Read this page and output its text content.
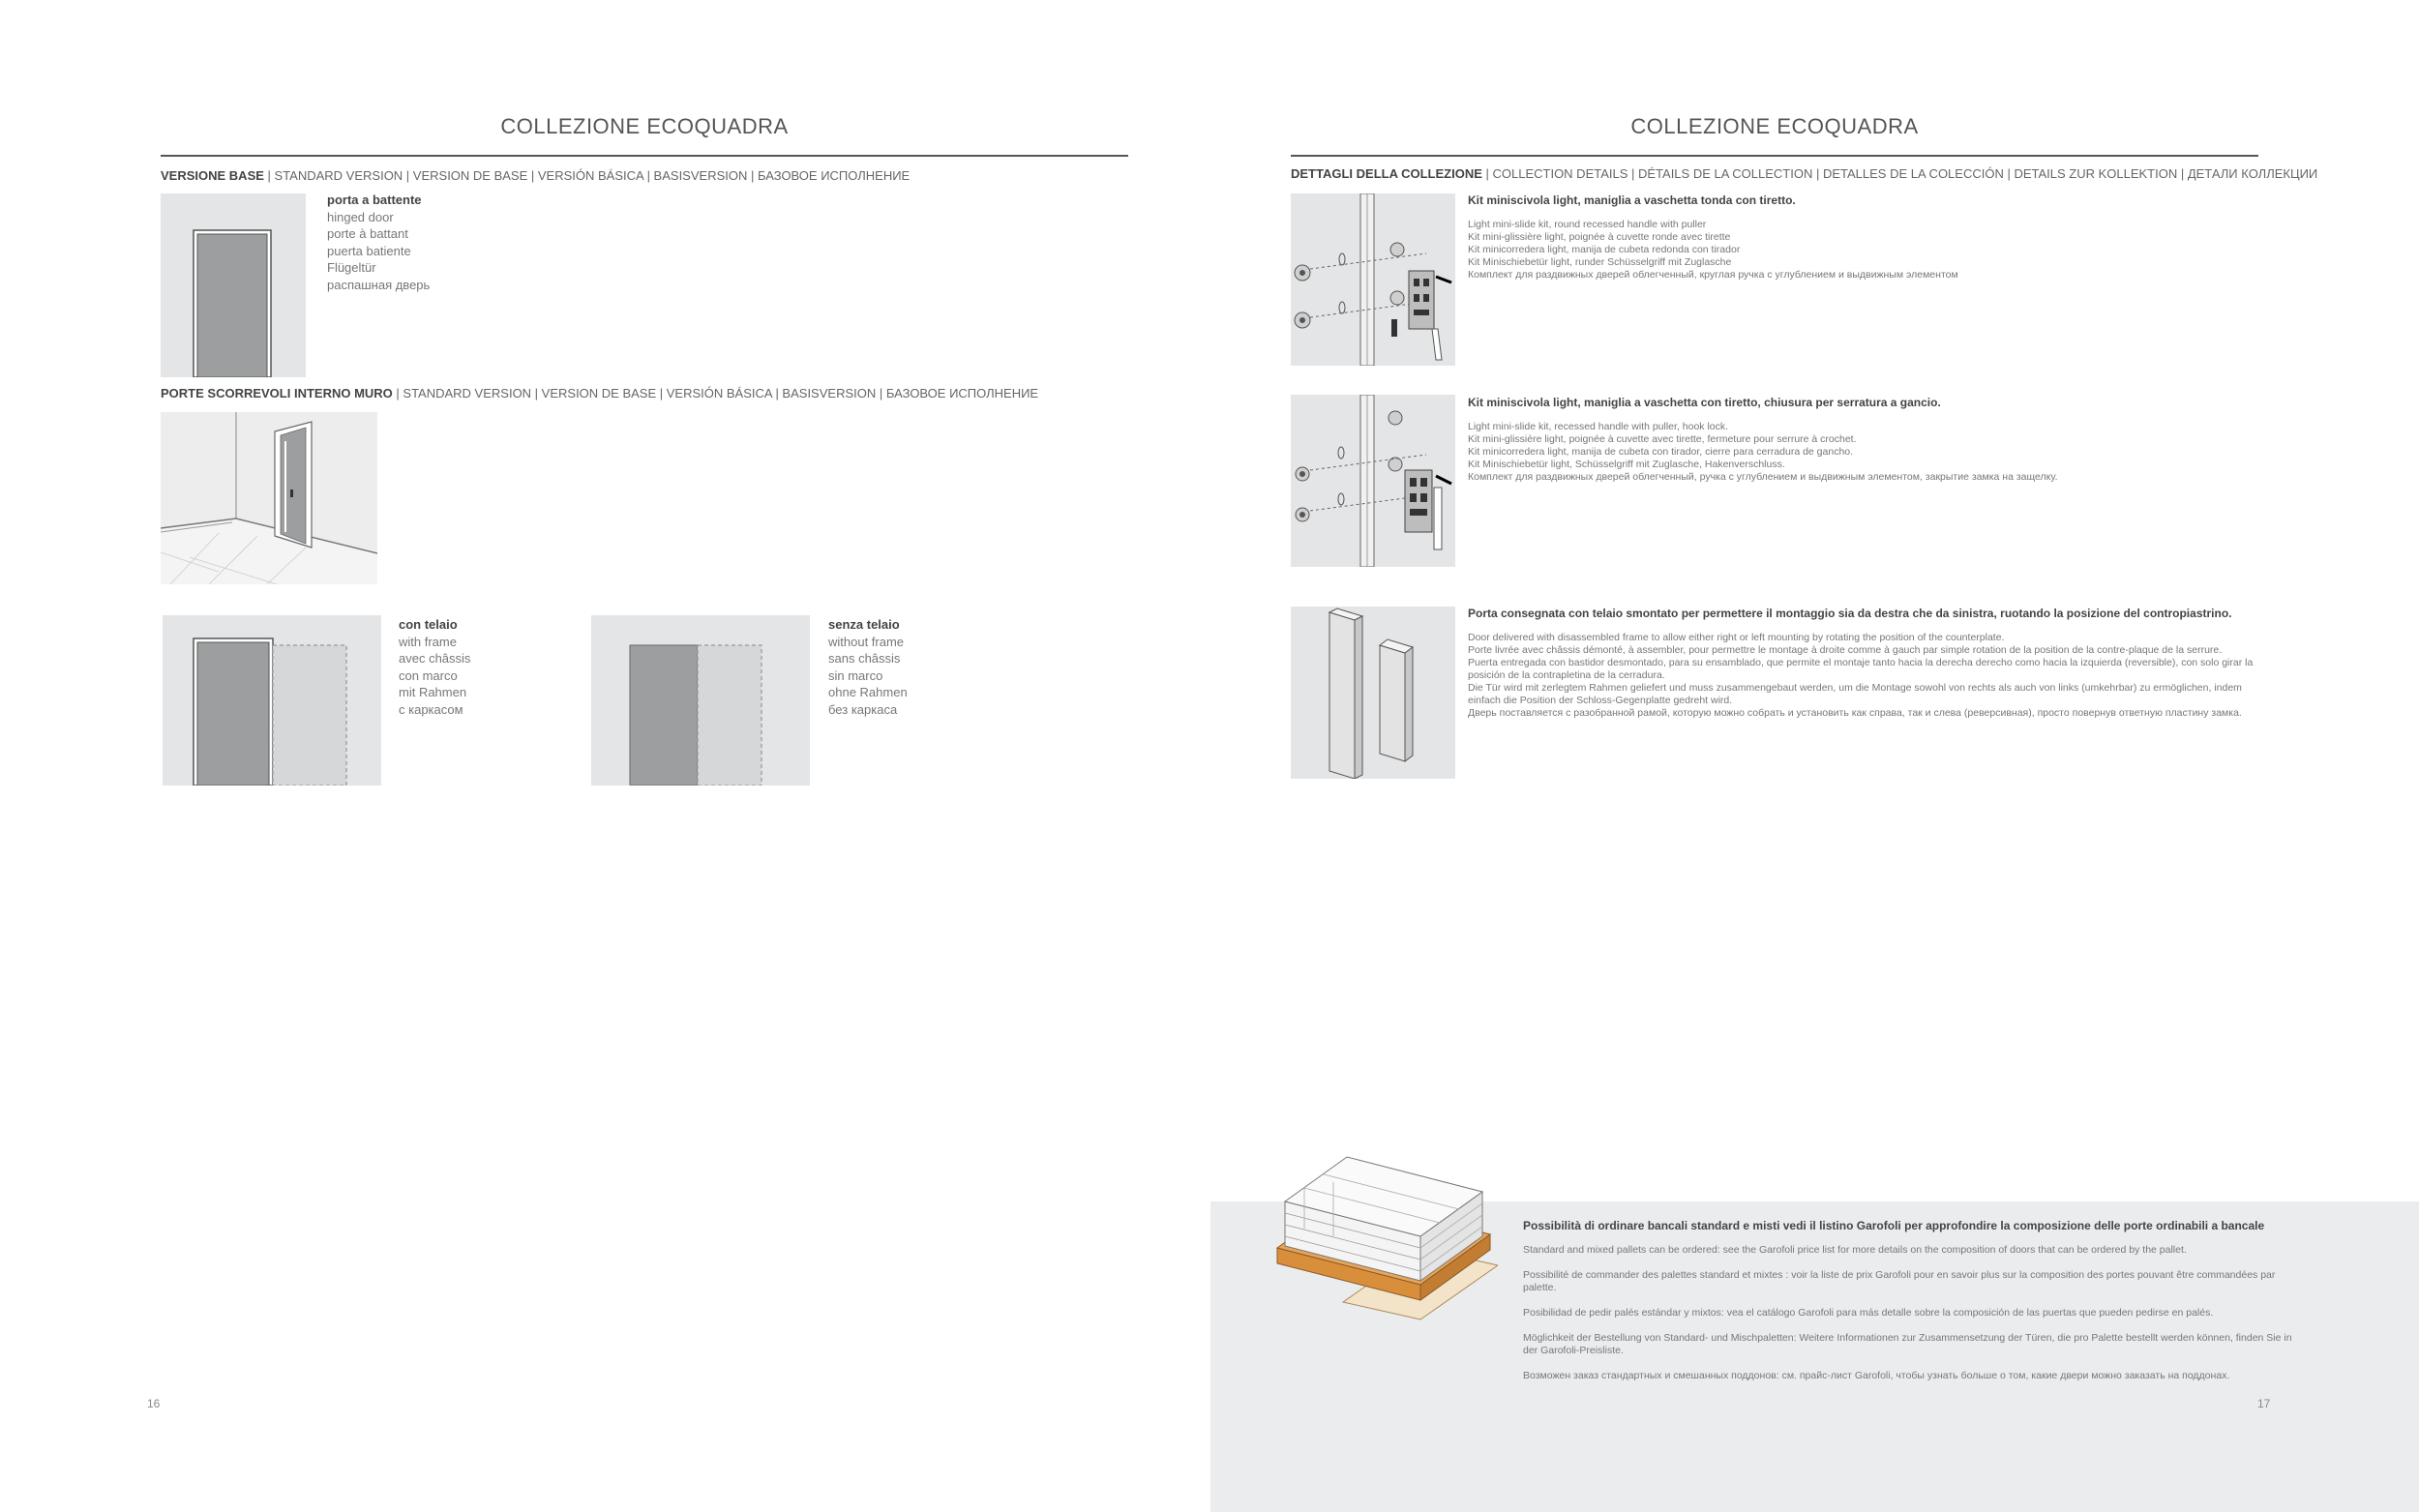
COLLEZIONE ECOQUADRA
VERSIONE BASE | STANDARD VERSION | VERSION DE BASE | VERSIÓN BÁSICA | BASISVERSION | БАЗОВОЕ ИСПОЛНЕНИЕ
porta a battente
hinged door
porte à battant
puerta batiente
Flügeltür
распашная дверь
PORTE SCORREVOLI INTERNO MURO | STANDARD VERSION | VERSION DE BASE | VERSIÓN BÁSICA | BASISVERSION | БАЗОВОЕ ИСПОЛНЕНИЕ
con telaio
with frame
avec châssis
con marco
mit Rahmen
с каркасом
senza telaio
without frame
sans châssis
sin marco
ohne Rahmen
без каркаса
16
COLLEZIONE ECOQUADRA
DETTAGLI DELLA COLLEZIONE | COLLECTION DETAILS | DÉTAILS DE LA COLLECTION | DETALLES DE LA COLECCIÓN | DETAILS ZUR KOLLEKTION | ДЕТАЛИ КОЛЛЕКЦИИ
Kit miniscivola light, maniglia a vaschetta tonda con tiretto.
Light mini-slide kit, round recessed handle with puller
Kit mini-glissière light, poignée à cuvette ronde avec tirette
Kit minicorredera light, manija de cubeta redonda con tirador
Kit Minischiebetür light, runder Schüsselgriff mit Zuglasche
Комплект для раздвижных дверей облегченный, круглая ручка с углублением и выдвижным элементом
Kit miniscivola light, maniglia a vaschetta con tiretto, chiusura per serratura a gancio.
Light mini-slide kit, recessed handle with puller, hook lock.
Kit mini-glissière light, poignée à cuvette avec tirette, fermeture pour serrure à crochet.
Kit minicorredera light, manija de cubeta con tirador, cierre para cerradura de gancho.
Kit Minischiebetür light, Schüsselgriff mit Zuglasche, Hakenverschluss.
Комплект для раздвижных дверей облегченный, ручка с углублением и выдвижным элементом, закрытие замка на защелку.
Porta consegnata con telaio smontato per permettere il montaggio sia da destra che da sinistra, ruotando la posizione del contropiastrino.
Door delivered with disassembled frame to allow either right or left mounting by rotating the position of the counterplate.
Porte livrée avec châssis démonté, à assembler, pour permettre le montage à droite comme à gauch par simple rotation de la position de la contre-plaque de la serrure.
Puerta entregada con bastidor desmontado, para su ensamblado, que permite el montaje tanto hacia la derecha derecho como hacia la izquierda (reversible), con solo girar la posición de la contrapletina de la cerradura.
Die Tür wird mit zerlegtem Rahmen geliefert und muss zusammengebaut werden, um die Montage sowohl von rechts als auch von links (umkehrbar) zu ermöglichen, indem einfach die Position der Schloss-Gegenplatte gedreht wird.
Дверь поставляется с разобранной рамой, которую можно собрать и установить как справа, так и слева (реверсивная), просто повернув ответную пластину замка.
Possibilità di ordinare bancali standard e misti vedi il listino Garofoli per approfondire la composizione delle porte ordinabili a bancale
Standard and mixed pallets can be ordered: see the Garofoli price list for more details on the composition of doors that can be ordered by the pallet.
Possibilité de commander des palettes standard et mixtes : voir la liste de prix Garofoli pour en savoir plus sur la composition des portes pouvant être commandées par palette.
Posibilidad de pedir palés estándar y mixtos: vea el catálogo Garofoli para más detalle sobre la composición de las puertas que pueden pedirse en palés.
Möglichkeit der Bestellung von Standard- und Mischpaletten: Weitere Informationen zur Zusammensetzung der Türen, die pro Palette bestellt werden können, finden Sie in der Garofoli-Preisliste.
Возможен заказ стандартных и смешанных поддонов: см. прайс-лист Garofoli, чтобы узнать больше о том, какие двери можно заказать на поддонах.
17
